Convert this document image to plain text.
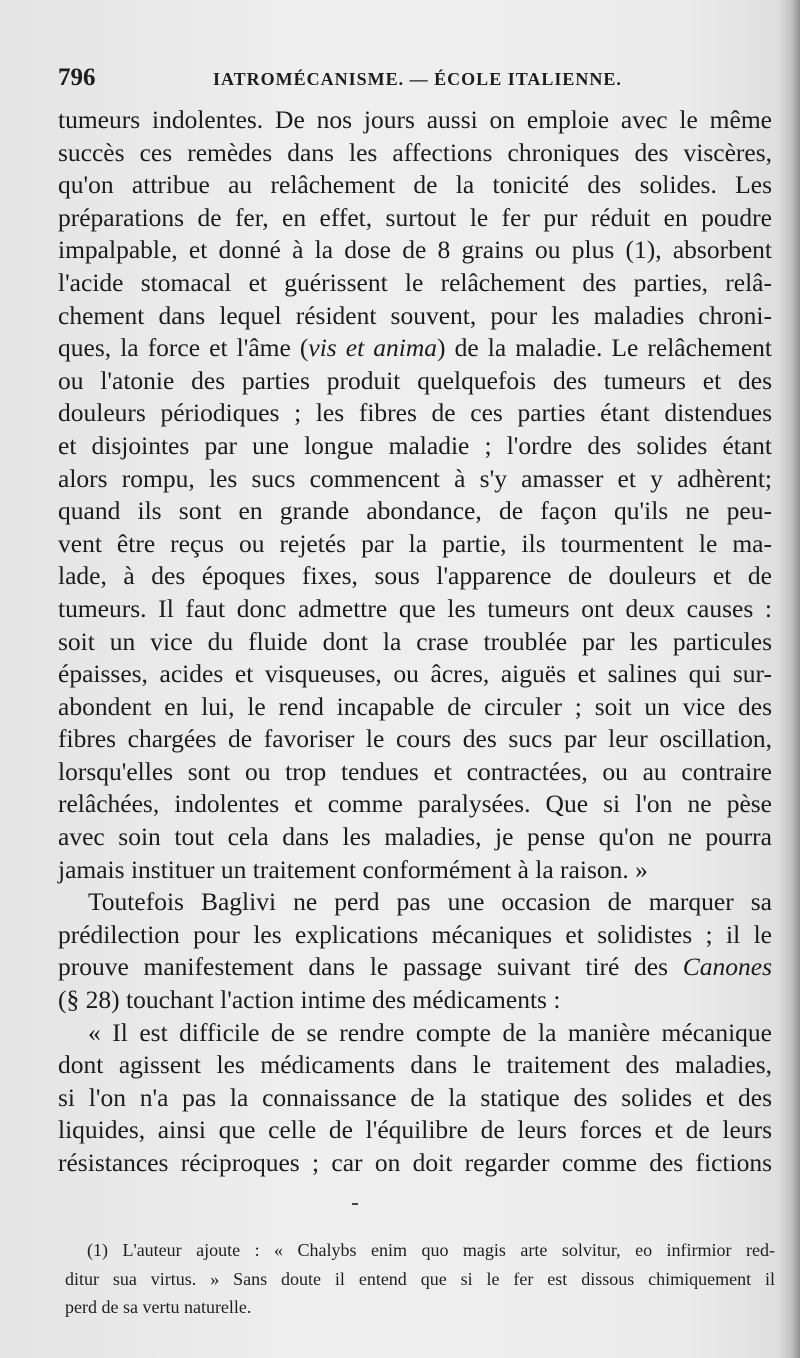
796	IATROMÉCANISME. — ÉCOLE ITALIENNE.
tumeurs indolentes. De nos jours aussi on emploie avec le même
succès ces remèdes dans les affections chroniques des viscères,
qu'on attribue au relâchement de la tonicité des solides. Les
préparations de fer, en effet, surtout le fer pur réduit en poudre
impalpable, et donné à la dose de 8 grains ou plus (1), absorbent
l'acide stomacal et guérissent le relâchement des parties, relâ-
chement dans lequel résident souvent, pour les maladies chroni-
ques, la force et l'âme (vis et anima) de la maladie. Le relâchement
ou l'atonie des parties produit quelquefois des tumeurs et des
douleurs périodiques ; les fibres de ces parties étant distendues
et disjointes par une longue maladie ; l'ordre des solides étant
alors rompu, les sucs commencent à s'y amasser et y adhèrent;
quand ils sont en grande abondance, de façon qu'ils ne peu-
vent être reçus ou rejetés par la partie, ils tourmentent le ma-
lade, à des époques fixes, sous l'apparence de douleurs et de
tumeurs. Il faut donc admettre que les tumeurs ont deux causes :
soit un vice du fluide dont la crase troublée par les particules
épaisses, acides et visqueuses, ou âcres, aiguës et salines qui sur-
abondent en lui, le rend incapable de circuler ; soit un vice des
fibres chargées de favoriser le cours des sucs par leur oscillation,
lorsqu'elles sont ou trop tendues et contractées, ou au contraire
relâchées, indolentes et comme paralysées. Que si l'on ne pèse
avec soin tout cela dans les maladies, je pense qu'on ne pourra
jamais instituer un traitement conformément à la raison. »
Toutefois Baglivi ne perd pas une occasion de marquer sa
prédilection pour les explications mécaniques et solidistes ; il le
prouve manifestement dans le passage suivant tiré des Canones
(§ 28) touchant l'action intime des médicaments :
« Il est difficile de se rendre compte de la manière mécanique
dont agissent les médicaments dans le traitement des maladies,
si l'on n'a pas la connaissance de la statique des solides et des
liquides, ainsi que celle de l'équilibre de leurs forces et de leurs
résistances réciproques ; car on doit regarder comme des fictions
(1) L'auteur ajoute : « Chalybs enim quo magis arte solvitur, eo infirmior red-
ditur sua virtus. » Sans doute il entend que si le fer est dissous chimiquement il
perd de sa vertu naturelle.
